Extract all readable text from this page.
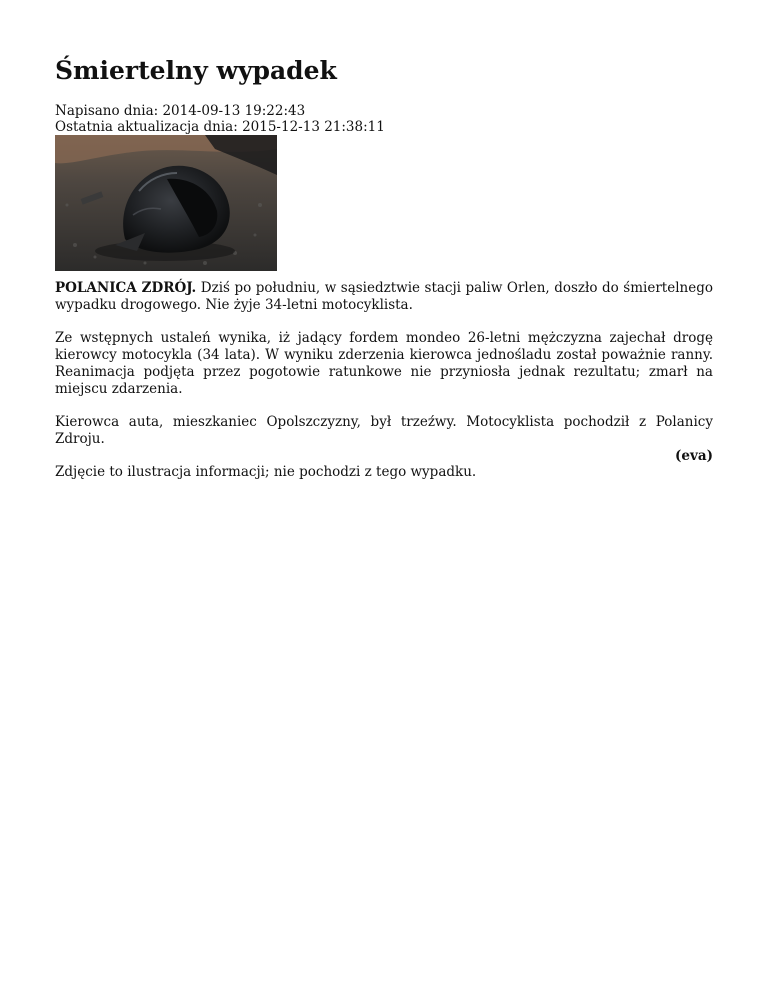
Śmiertelny wypadek
Napisano dnia: 2014-09-13 19:22:43
Ostatnia aktualizacja dnia: 2015-12-13 21:38:11

POLANICA ZDRÓJ. Dziś po południu, w sąsiedztwie stacji paliw Orlen, doszło do śmiertelnego wypadku drogowego. Nie żyje 34-letni motocyklista.

Ze wstępnych ustaleń wynika, iż jadący fordem mondeo 26-letni mężczyzna zajechał drogę kierowcy motocykla (34 lata). W wyniku zderzenia kierowca jednośladu został poważnie ranny. Reanimacja podjęta przez pogotowie ratunkowe nie przyniosła jednak rezultatu; zmarł na miejscu zdarzenia.

Kierowca auta, mieszkaniec Opolszczyzny, był trzeźwy. Motocyklista pochodził z Polanicy Zdroju.

(eva)
Zdjęcie to ilustracja informacji; nie pochodzi z tego wypadku.
